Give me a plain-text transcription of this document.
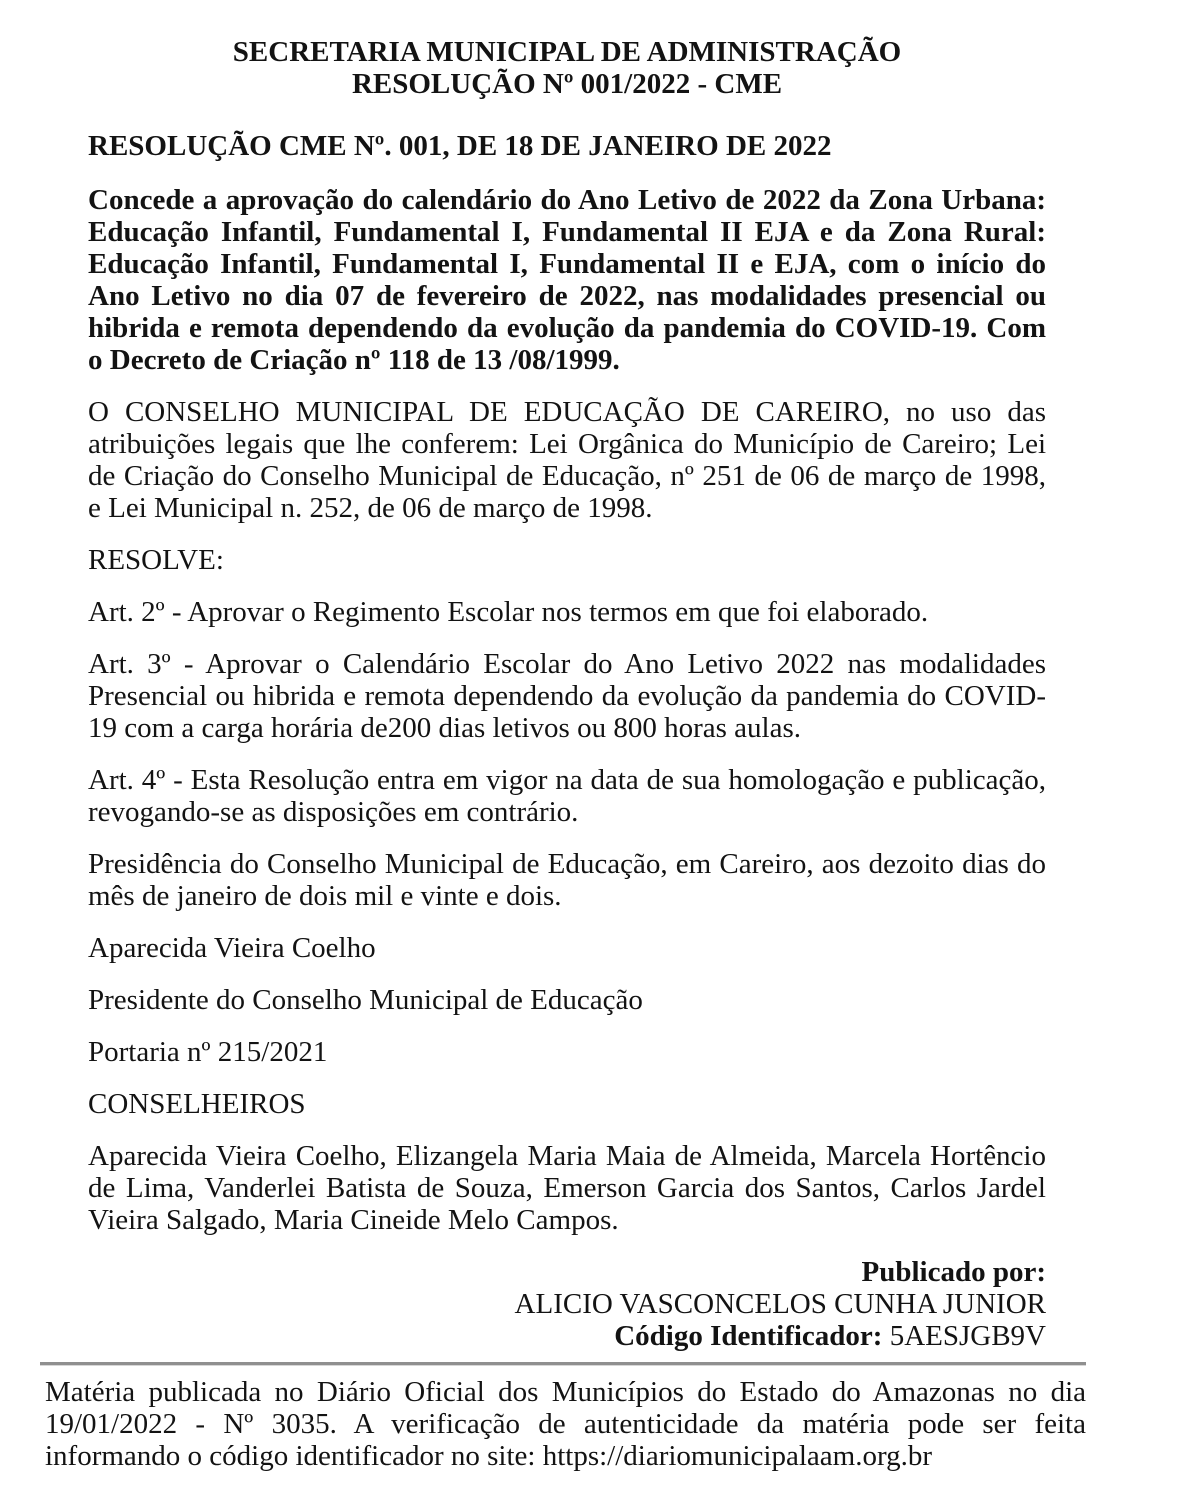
SECRETARIA MUNICIPAL DE ADMINISTRAÇÃO

RESOLUÇÃO Nº 001/2022 - CME

RESOLUÇÃO CME Nº. 001, DE 18 DE JANEIRO DE 2022

Concede a aprovação do calendário do Ano Letivo de 2022 da Zona Urbana: Educação Infantil, Fundamental I, Fundamental II EJA e da Zona Rural: Educação Infantil, Fundamental I, Fundamental II e EJA, com o início do Ano Letivo no dia 07 de fevereiro de 2022, nas modalidades presencial ou hibrida e remota dependendo da evolução da pandemia do COVID-19. Com o Decreto de Criação nº 118 de 13 /08/1999.

O CONSELHO MUNICIPAL DE EDUCAÇÃO DE CAREIRO, no uso das atribuições legais que lhe conferem: Lei Orgânica do Município de Careiro; Lei de Criação do Conselho Municipal de Educação, nº 251 de 06 de março de 1998, e Lei Municipal n. 252, de 06 de março de 1998.

RESOLVE:

Art. 2º - Aprovar o Regimento Escolar nos termos em que foi elaborado.

Art. 3º - Aprovar o Calendário Escolar do Ano Letivo 2022 nas modalidades Presencial ou hibrida e remota dependendo da evolução da pandemia do COVID-19 com a carga horária de200 dias letivos ou 800 horas aulas.

Art. 4º - Esta Resolução entra em vigor na data de sua homologação e publicação, revogando-se as disposições em contrário.

Presidência do Conselho Municipal de Educação, em Careiro, aos dezoito dias do mês de janeiro de dois mil e vinte e dois.

Aparecida Vieira Coelho

Presidente do Conselho Municipal de Educação

Portaria nº 215/2021

CONSELHEIROS

Aparecida Vieira Coelho, Elizangela Maria Maia de Almeida, Marcela Hortêncio de Lima, Vanderlei Batista de Souza, Emerson Garcia dos Santos, Carlos Jardel Vieira Salgado, Maria Cineide Melo Campos.

Publicado por:

ALICIO VASCONCELOS CUNHA JUNIOR

Código Identificador: 5AESJGB9V

Matéria publicada no Diário Oficial dos Municípios do Estado do Amazonas no dia 19/01/2022 - Nº 3035. A verificação de autenticidade da matéria pode ser feita informando o código identificador no site: https://diariomunicipalaam.org.br
